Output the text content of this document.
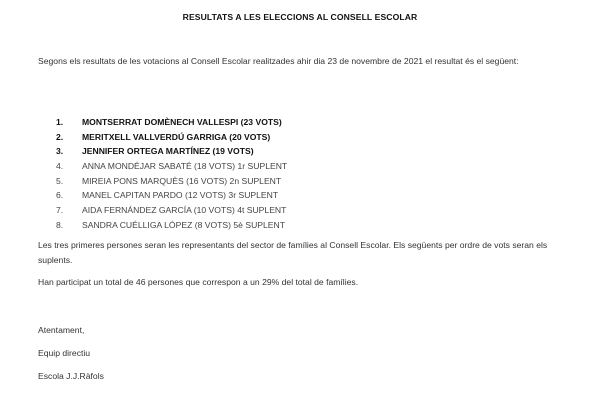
RESULTATS A LES ELECCIONS AL CONSELL ESCOLAR

Segons els resultats de les votacions al Consell Escolar realitzades ahir dia 23 de novembre de 2021 el resultat és el següent:

1.	MONTSERRAT DOMÈNECH VALLESPI (23 VOTS)
2.	MERITXELL VALLVERDÚ GARRIGA (20 VOTS)
3.	JENNIFER ORTEGA MARTÍNEZ (19 VOTS)
4.	ANNA MONDÉJAR SABATÉ (18 VOTS) 1r SUPLENT
5.	MIREIA PONS MARQUÈS (16 VOTS) 2n SUPLENT
6.	MANEL CAPITAN PARDO (12 VOTS) 3r SUPLENT
7.	AIDA FERNÁNDEZ GARCÍA (10 VOTS) 4t SUPLENT
8.	SANDRA CUÉLLIGA LÓPEZ (8 VOTS) 5è SUPLENT

Les tres primeres persones seran les representants del sector de famílies al Consell Escolar. Els següents per ordre de vots seran els suplents.

Han participat un total de 46 persones que correspon a un 29% del total de famílies.

Atentament,

Equip directiu

Escola J.J.Ràfols
